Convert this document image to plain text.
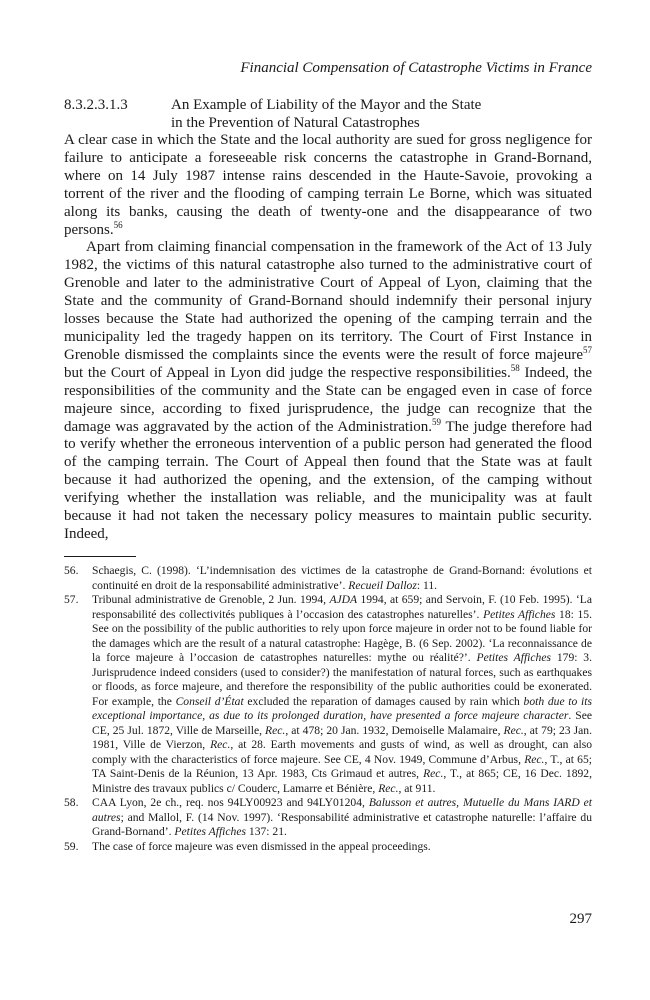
Financial Compensation of Catastrophe Victims in France
8.3.2.3.1.3	An Example of Liability of the Mayor and the State
in the Prevention of Natural Catastrophes

A clear case in which the State and the local authority are sued for gross negligence for failure to anticipate a foreseeable risk concerns the catastrophe in Grand-Bornand, where on 14 July 1987 intense rains descended in the Haute-Savoie, provoking a torrent of the river and the flooding of camping terrain Le Borne, which was situated along its banks, causing the death of twenty-one and the disappearance of two persons.$^{56}$

Apart from claiming financial compensation in the framework of the Act of 13 July 1982, the victims of this natural catastrophe also turned to the administrative court of Grenoble and later to the administrative Court of Appeal of Lyon, claiming that the State and the community of Grand-Bornand should indemnify their personal injury losses because the State had authorized the opening of the camping terrain and the municipality led the tragedy happen on its territory. The Court of First Instance in Grenoble dismissed the complaints since the events were the result of force majeure$^{57}$ but the Court of Appeal in Lyon did judge the respective responsibilities.$^{58}$ Indeed, the responsibilities of the community and the State can be engaged even in case of force majeure since, according to fixed jurisprudence, the judge can recognize that the damage was aggravated by the action of the Administration.$^{59}$ The judge therefore had to verify whether the erroneous intervention of a public person had generated the flood of the camping terrain. The Court of Appeal then found that the State was at fault because it had authorized the opening, and the extension, of the camping without verifying whether the installation was reliable, and the municipality was at fault because it had not taken the necessary policy measures to maintain public security. Indeed,

56. Schaegis, C. (1998). ‘L’indemnisation des victimes de la catastrophe de Grand-Bornand: évolutions et continuité en droit de la responsabilité administrative’. Recueil Dalloz: 11.
57. Tribunal administrative de Grenoble, 2 Jun. 1994, AJDA 1994, at 659; and Servoin, F. (10 Feb. 1995). ‘La responsabilité des collectivités publiques à l’occasion des catastrophes naturelles’. Petites Affiches 18: 15. See on the possibility of the public authorities to rely upon force majeure in order not to be found liable for the damages which are the result of a natural catastrophe: Hagège, B. (6 Sep. 2002). ‘La reconnaissance de la force majeure à l’occasion de catastrophes naturelles: mythe ou réalité?’. Petites Affiches 179: 3. Jurisprudence indeed considers (used to consider?) the manifestation of natural forces, such as earthquakes or floods, as force majeure, and therefore the responsibility of the public authorities could be exonerated. For example, the Conseil d’État excluded the reparation of damages caused by rain which both due to its exceptional importance, as due to its prolonged duration, have presented a force majeure character. See CE, 25 Jul. 1872, Ville de Marseille, Rec., at 478; 20 Jan. 1932, Demoiselle Malamaire, Rec., at 79; 23 Jan. 1981, Ville de Vierzon, Rec., at 28. Earth movements and gusts of wind, as well as drought, can also comply with the characteristics of force majeure. See CE, 4 Nov. 1949, Commune d’Arbus, Rec., T., at 65; TA Saint-Denis de la Réunion, 13 Apr. 1983, Cts Grimaud et autres, Rec., T., at 865; CE, 16 Dec. 1892, Ministre des travaux publics c/ Couderc, Lamarre et Bénière, Rec., at 911.
58. CAA Lyon, 2e ch., req. nos 94LY00923 and 94LY01204, Balusson et autres, Mutuelle du Mans IARD et autres; and Mallol, F. (14 Nov. 1997). ‘Responsabilité administrative et catastrophe naturelle: l’affaire du Grand-Bornand’. Petites Affiches 137: 21.
59. The case of force majeure was even dismissed in the appeal proceedings.
297
